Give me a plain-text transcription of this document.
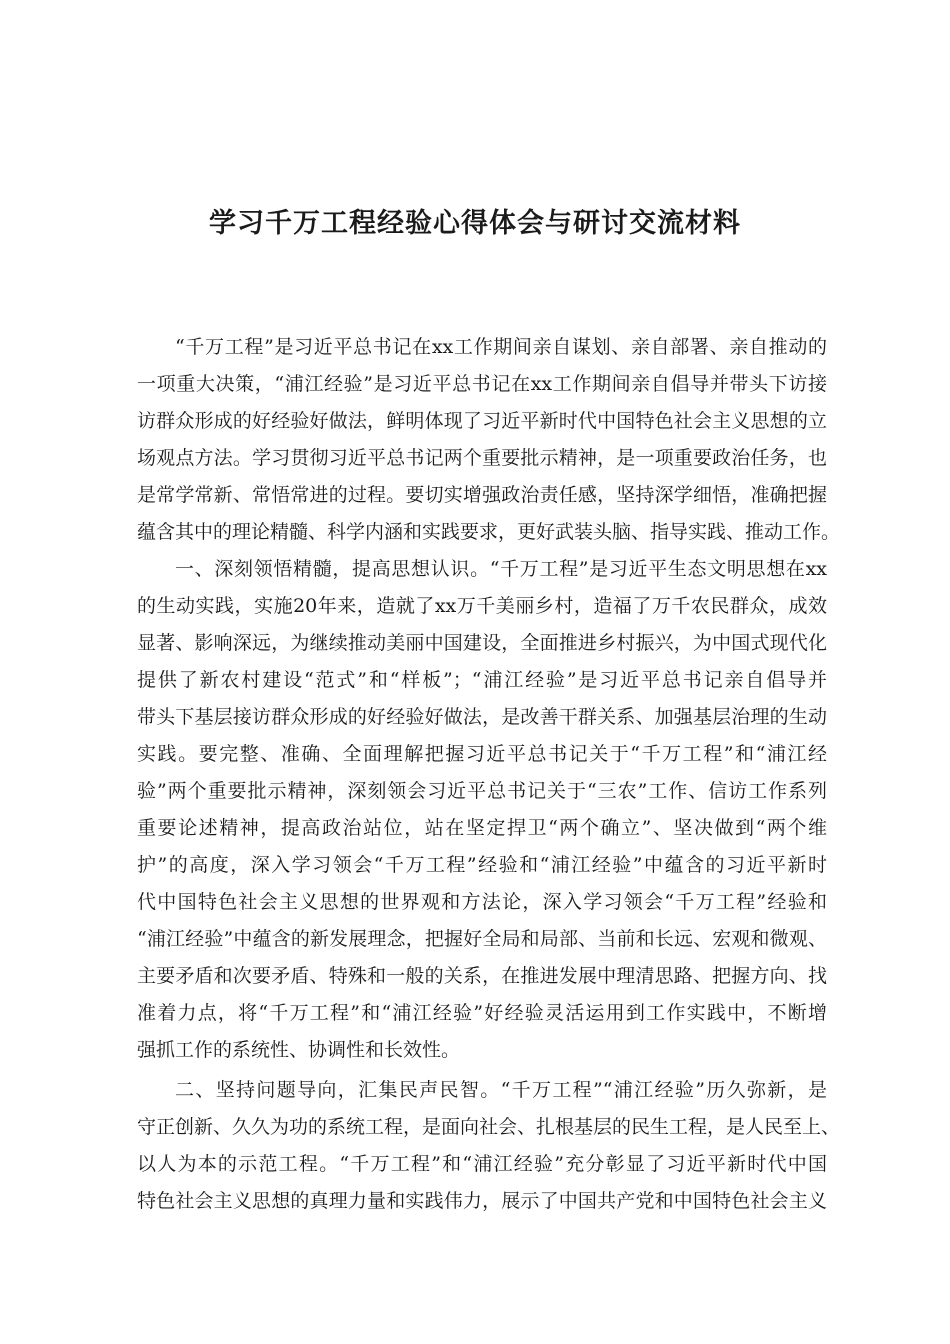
学习千万工程经验心得体会与研讨交流材料
“千万工程”是习近平总书记在xx工作期间亲自谋划、亲自部署、亲自推动的
一项重大决策，“浦江经验”是习近平总书记在xx工作期间亲自倡导并带头下访接
访群众形成的好经验好做法，鲜明体现了习近平新时代中国特色社会主义思想的立
场观点方法。学习贯彻习近平总书记两个重要批示精神，是一项重要政治任务，也
是常学常新、常悟常进的过程。要切实增强政治责任感，坚持深学细悟，准确把握
蕴含其中的理论精髓、科学内涵和实践要求，更好武装头脑、指导实践、推动工作。
一、深刻领悟精髓，提高思想认识。“千万工程”是习近平生态文明思想在xx
的生动实践，实施20年来，造就了xx万千美丽乡村，造福了万千农民群众，成效
显著、影响深远，为继续推动美丽中国建设，全面推进乡村振兴，为中国式现代化
提供了新农村建设“范式”和“样板”；“浦江经验”是习近平总书记亲自倡导并
带头下基层接访群众形成的好经验好做法，是改善干群关系、加强基层治理的生动
实践。要完整、准确、全面理解把握习近平总书记关于“千万工程”和“浦江经
验”两个重要批示精神，深刻领会习近平总书记关于“三农”工作、信访工作系列
重要论述精神，提高政治站位，站在坚定捍卫“两个确立”、坚决做到“两个维
护”的高度，深入学习领会“千万工程”经验和“浦江经验”中蕴含的习近平新时
代中国特色社会主义思想的世界观和方法论，深入学习领会“千万工程”经验和
“浦江经验”中蕴含的新发展理念，把握好全局和局部、当前和长远、宏观和微观、
主要矛盾和次要矛盾、特殊和一般的关系，在推进发展中理清思路、把握方向、找
准着力点，将“千万工程”和“浦江经验”好经验灵活运用到工作实践中，不断增
强抓工作的系统性、协调性和长效性。
二、坚持问题导向，汇集民声民智。“千万工程”“浦江经验”历久弥新，是
守正创新、久久为功的系统工程，是面向社会、扎根基层的民生工程，是人民至上、
以人为本的示范工程。“千万工程”和“浦江经验”充分彰显了习近平新时代中国
特色社会主义思想的真理力量和实践伟力，展示了中国共产党和中国特色社会主义
